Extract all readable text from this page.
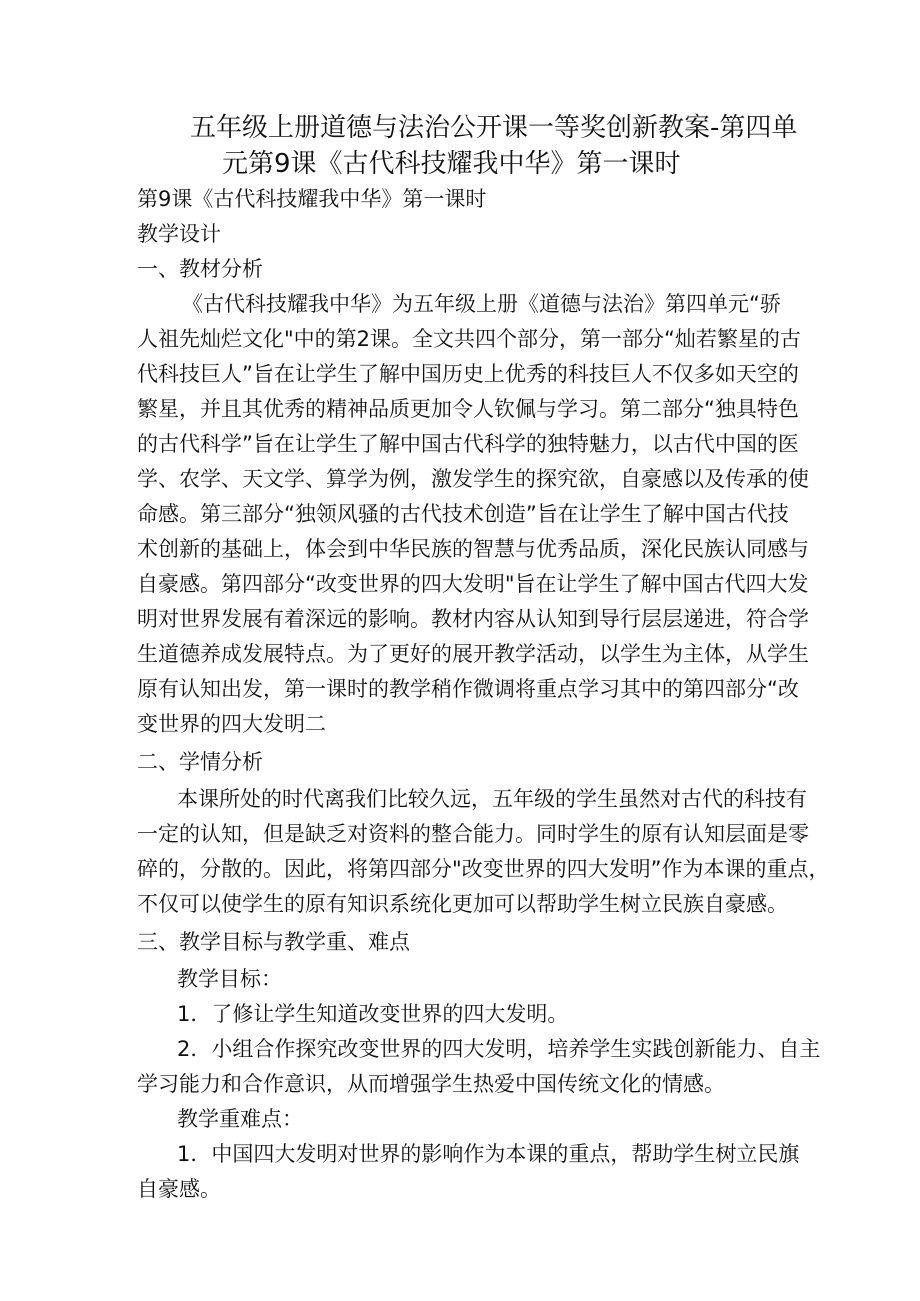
五年级上册道德与法治公开课一等奖创新教案-第四单
元第9课《古代科技耀我中华》第一课时
第9课《古代科技耀我中华》第一课时
教学设计
一、教材分析
《古代科技耀我中华》为五年级上册《道德与法治》第四单元“骄
人祖先灿烂文化"中的第2课。全文共四个部分，第一部分“灿若繁星的古
代科技巨人”旨在让学生了解中国历史上优秀的科技巨人不仅多如天空的
繁星，并且其优秀的精神品质更加令人钦佩与学习。第二部分“独具特色
的古代科学”旨在让学生了解中国古代科学的独特魅力，以古代中国的医
学、农学、天文学、算学为例，激发学生的探究欲，自豪感以及传承的使
命感。第三部分“独领风骚的古代技术创造”旨在让学生了解中国古代技
术创新的基础上，体会到中华民族的智慧与优秀品质，深化民族认同感与
自豪感。第四部分“改变世界的四大发明"旨在让学生了解中国古代四大发
明对世界发展有着深远的影响。教材内容从认知到导行层层递进，符合学
生道德养成发展特点。为了更好的展开教学活动，以学生为主体，从学生
原有认知出发，第一课时的教学稍作微调将重点学习其中的第四部分“改
变世界的四大发明二
二、学情分析
本课所处的时代离我们比较久远，五年级的学生虽然对古代的科技有
一定的认知，但是缺乏对资料的整合能力。同时学生的原有认知层面是零
碎的，分散的。因此，将第四部分"改变世界的四大发明”作为本课的重点，
不仅可以使学生的原有知识系统化更加可以帮助学生树立民族自豪感。
三、教学目标与教学重、难点
教学目标：
1．了修让学生知道改变世界的四大发明。
2．小组合作探究改变世界的四大发明，培养学生实践创新能力、自主
学习能力和合作意识，从而增强学生热爱中国传统文化的情感。
教学重难点：
1．中国四大发明对世界的影响作为本课的重点，帮助学生树立民旗
自豪感。
